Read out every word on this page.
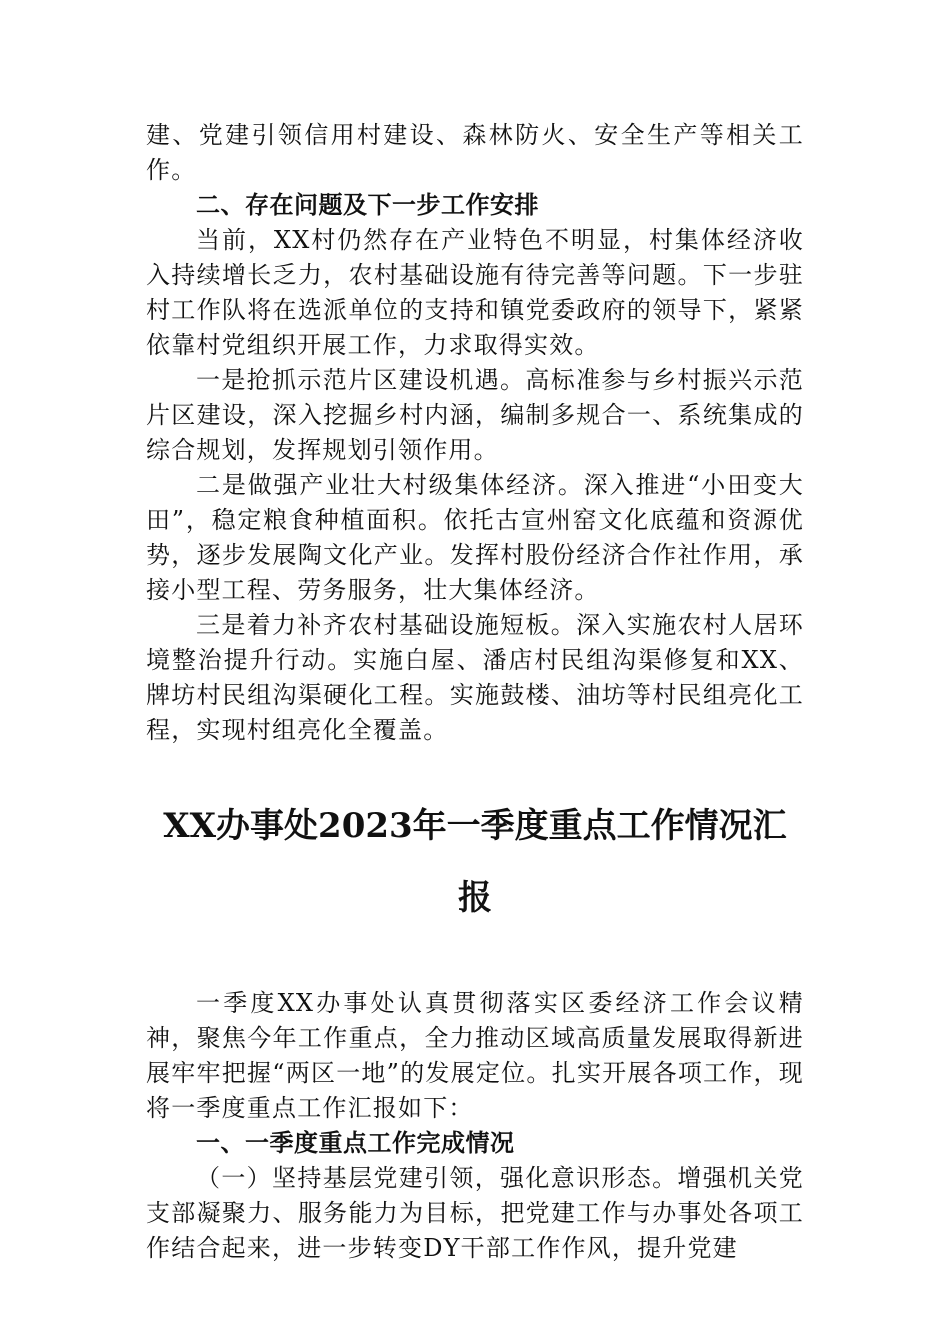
建、党建引领信用村建设、森林防火、安全生产等相关工作。

二、存在问题及下一步工作安排

当前，XX村仍然存在产业特色不明显，村集体经济收入持续增长乏力，农村基础设施有待完善等问题。下一步驻村工作队将在选派单位的支持和镇党委政府的领导下，紧紧依靠村党组织开展工作，力求取得实效。

一是抢抓示范片区建设机遇。高标准参与乡村振兴示范片区建设，深入挖掘乡村内涵，编制多规合一、系统集成的综合规划，发挥规划引领作用。

二是做强产业壮大村级集体经济。深入推进“小田变大田”，稳定粮食种植面积。依托古宣州窑文化底蕴和资源优势，逐步发展陶文化产业。发挥村股份经济合作社作用，承接小型工程、劳务服务，壮大集体经济。

三是着力补齐农村基础设施短板。深入实施农村人居环境整治提升行动。实施白屋、潘店村民组沟渠修复和XX、牌坊村民组沟渠硬化工程。实施鼓楼、油坊等村民组亮化工程，实现村组亮化全覆盖。

XX办事处2023年一季度重点工作情况汇

报

一季度XX办事处认真贯彻落实区委经济工作会议精神，聚焦今年工作重点，全力推动区域高质量发展取得新进展牢牢把握“两区一地”的发展定位。扎实开展各项工作，现将一季度重点工作汇报如下：

一、一季度重点工作完成情况

（一）坚持基层党建引领，强化意识形态。增强机关党支部凝聚力、服务能力为目标，把党建工作与办事处各项工作结合起来，进一步转变DY干部工作作风，提升党建
